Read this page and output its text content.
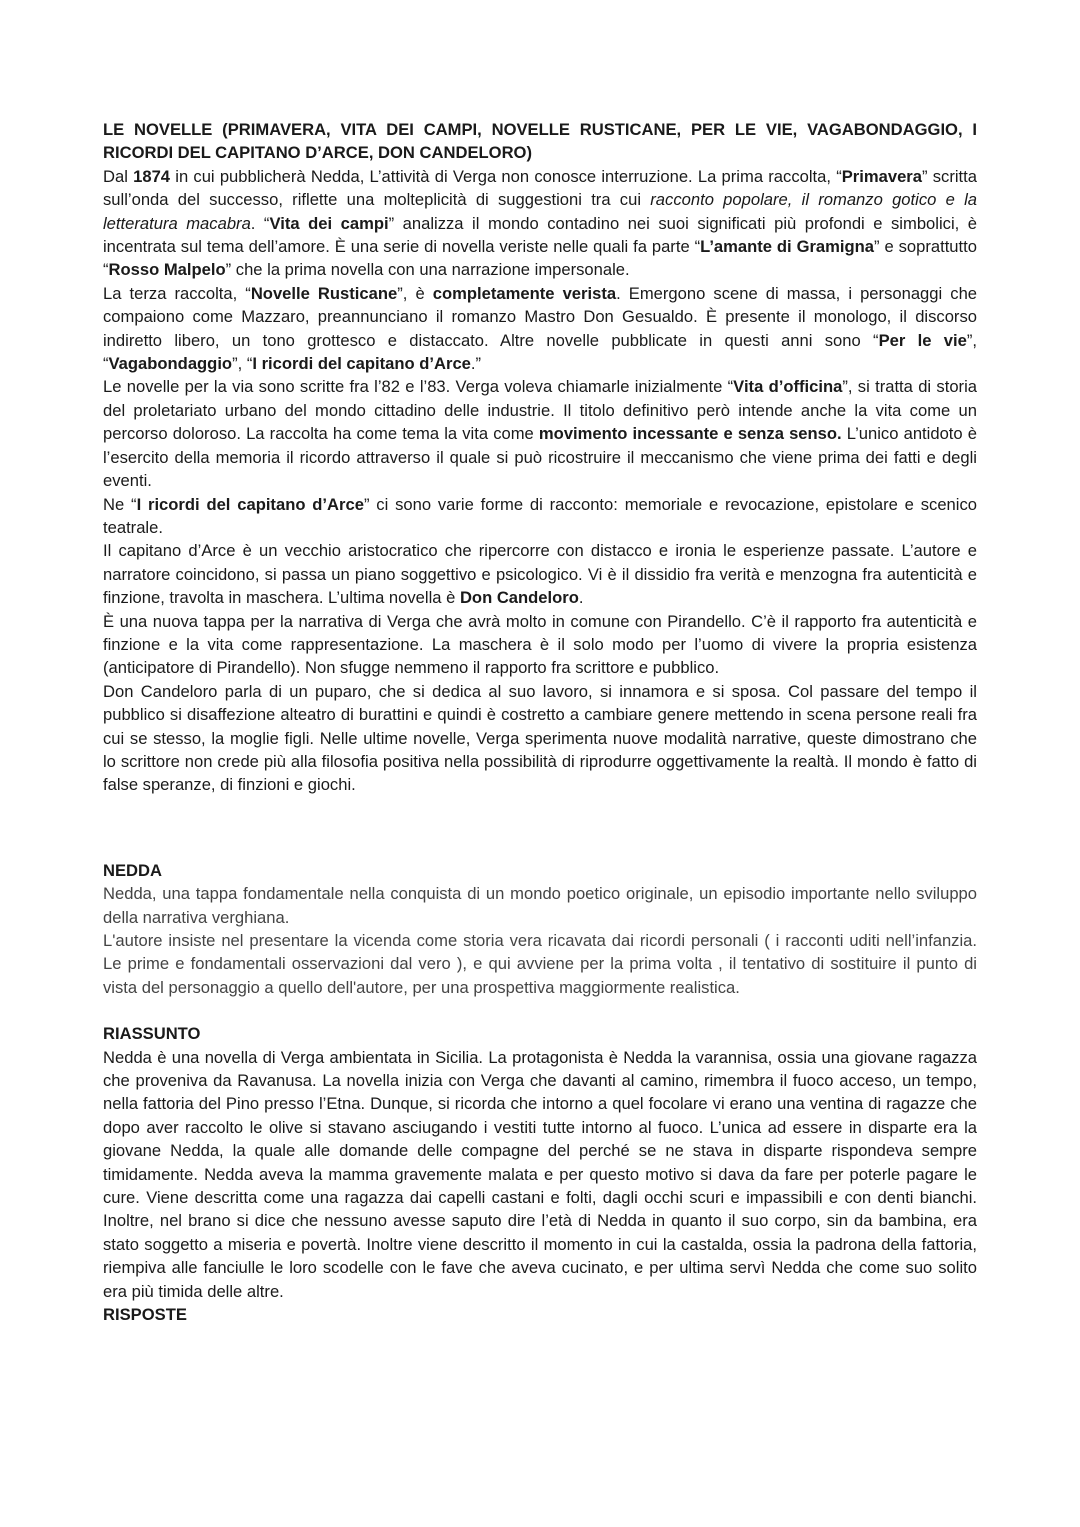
LE NOVELLE (PRIMAVERA, VITA DEI CAMPI, NOVELLE RUSTICANE, PER LE VIE, VAGABONDAGGIO, I RICORDI DEL CAPITANO D’ARCE, DON CANDELORO)

Dal 1874 in cui pubblicherà Nedda, L’attività di Verga non conosce interruzione. La prima raccolta, “Primavera” scritta sull’onda del successo, riflette una molteplicità di suggestioni tra cui racconto popolare, il romanzo gotico e la letteratura macabra. “Vita dei campi” analizza il mondo contadino nei suoi significati più profondi e simbolici, è incentrata sul tema dell’amore. È una serie di novella veriste nelle quali fa parte “L’amante di Gramigna” e soprattutto “Rosso Malpelo” che la prima novella con una narrazione impersonale.

La terza raccolta, “Novelle Rusticane”, è completamente verista. Emergono scene di massa, i personaggi che compaiono come Mazzaro, preannunciano il romanzo Mastro Don Gesualdo. È presente il monologo, il discorso indiretto libero, un tono grottesco e distaccato. Altre novelle pubblicate in questi anni sono “Per le vie”, “Vagabondaggio”, “I ricordi del capitano d’Arce.”

Le novelle per la via sono scritte fra l’82 e l’83. Verga voleva chiamarle inizialmente “Vita d’officina”, si tratta di storia del proletariato urbano del mondo cittadino delle industrie. Il titolo definitivo però intende anche la vita come un percorso doloroso. La raccolta ha come tema la vita come movimento incessante e senza senso. L’unico antidoto è l’esercito della memoria il ricordo attraverso il quale si può ricostruire il meccanismo che viene prima dei fatti e degli eventi.

Ne “I ricordi del capitano d’Arce” ci sono varie forme di racconto: memoriale e revocazione, epistolare e scenico teatrale.

Il capitano d’Arce è un vecchio aristocratico che ripercorre con distacco e ironia le esperienze passate. L’autore e narratore coincidono, si passa un piano soggettivo e psicologico. Vi è il dissidio fra verità e menzogna fra autenticità e finzione, travolta in maschera. L’ultima novella è Don Candeloro.

È una nuova tappa per la narrativa di Verga che avrà molto in comune con Pirandello. C’è il rapporto fra autenticità e finzione e la vita come rappresentazione. La maschera è il solo modo per l’uomo di vivere la propria esistenza (anticipatore di Pirandello). Non sfugge nemmeno il rapporto fra scrittore e pubblico.

Don Candeloro parla di un puparo, che si dedica al suo lavoro, si innamora e si sposa. Col passare del tempo il pubblico si disaffezione alteatro di burattini e quindi è costretto a cambiare genere mettendo in scena persone reali fra cui se stesso, la moglie figli. Nelle ultime novelle, Verga sperimenta nuove modalità narrative, queste dimostrano che lo scrittore non crede più alla filosofia positiva nella possibilità di riprodurre oggettivamente la realtà. Il mondo è fatto di false speranze, di finzioni e giochi.

NEDDA

Nedda, una tappa fondamentale nella conquista di un mondo poetico originale, un episodio importante nello sviluppo della narrativa verghiana.

L'autore insiste nel presentare la vicenda come storia vera ricavata dai ricordi personali ( i racconti uditi nell’infanzia. Le prime e fondamentali osservazioni dal vero ), e qui avviene per la prima volta , il tentativo di sostituire il punto di vista del personaggio a quello dell'autore, per una prospettiva maggiormente realistica.

RIASSUNTO

Nedda è una novella di Verga ambientata in Sicilia. La protagonista è Nedda la varannisa, ossia una giovane ragazza che proveniva da Ravanusa. La novella inizia con Verga che davanti al camino, rimembra il fuoco acceso, un tempo, nella fattoria del Pino presso l’Etna. Dunque, si ricorda che intorno a quel focolare vi erano una ventina di ragazze che dopo aver raccolto le olive si stavano asciugando i vestiti tutte intorno al fuoco. L’unica ad essere in disparte era la giovane Nedda, la quale alle domande delle compagne del perché se ne stava in disparte rispondeva sempre timidamente. Nedda aveva la mamma gravemente malata e per questo motivo si dava da fare per poterle pagare le cure. Viene descritta come una ragazza dai capelli castani e folti, dagli occhi scuri e impassibili e con denti bianchi. Inoltre, nel brano si dice che nessuno avesse saputo dire l’età di Nedda in quanto il suo corpo, sin da bambina, era stato soggetto a miseria e povertà. Inoltre viene descritto il momento in cui la castalda, ossia la padrona della fattoria, riempiva alle fanciulle le loro scodelle con le fave che aveva cucinato, e per ultima servì Nedda che come suo solito era più timida delle altre.

RISPOSTE
